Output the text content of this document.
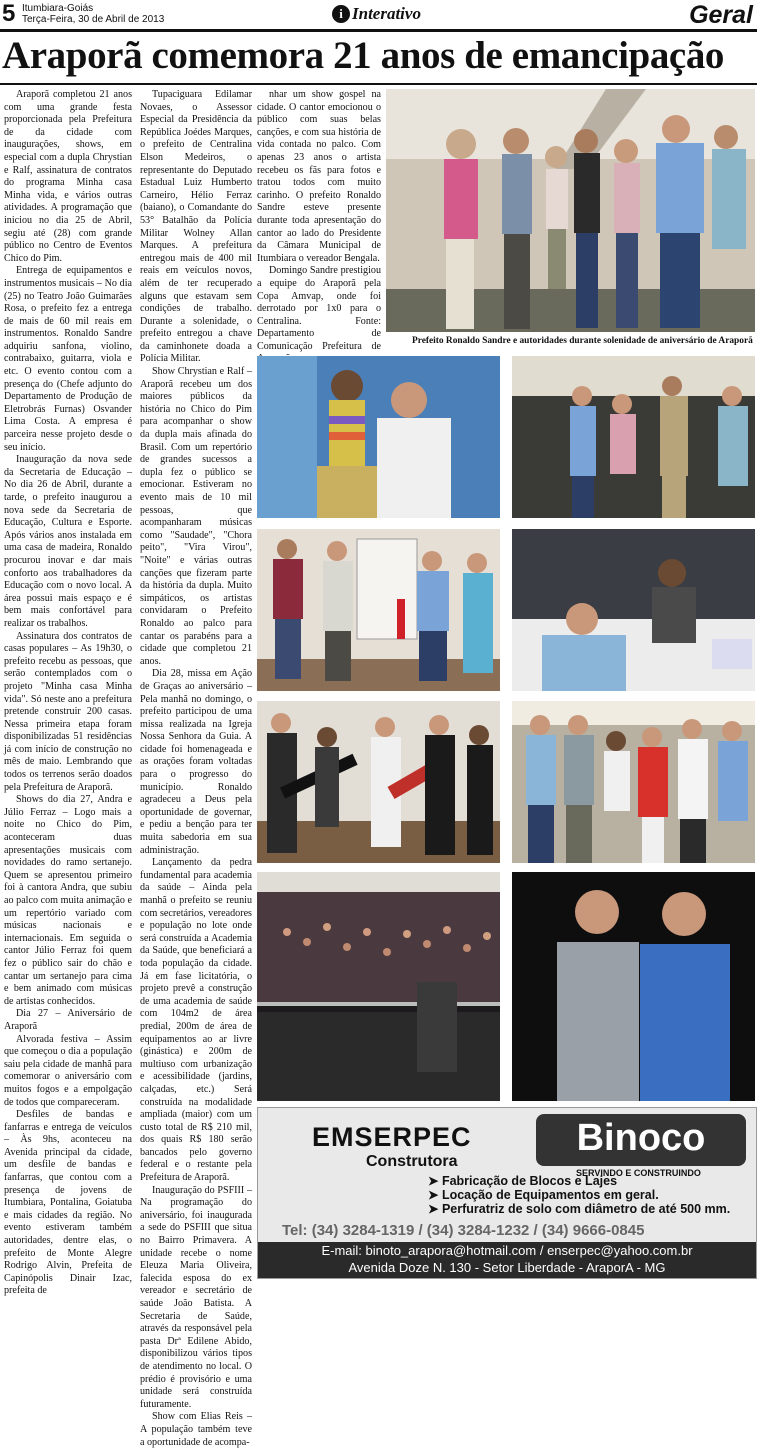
5 Itumbiara-Goiás
Terça-Feira, 30 de Abril de 2013	i Interativo	Geral
Araporã comemora 21 anos de emancipação

Araporã completou 21 anos com uma grande festa proporcionada pela Prefeitura de da cidade com inaugurações, shows, em especial com a dupla Chrystian e Ralf, assinatura de contratos do programa Minha casa Minha vida, e vários outras atividades. A programação que iniciou no dia 25 de Abril, segiu até (28) com grande público no Centro de Eventos Chico do Pim.

Entrega de equipamentos e instrumentos musicais – No dia (25) no Teatro João Guimarães Rosa, o prefeito fez a entrega de mais de 60 mil reais em instrumentos. Ronaldo Sandre adquiriu sanfona, violino, contrabaixo, guitarra, viola e etc. O evento contou com a presença do (Chefe adjunto do Departamento de Produção de Eletrobrás Furnas) Osvander Lima Costa. A empresa é parceira nesse projeto desde o seu início.

Inauguração da nova sede da Secretaria de Educação – No dia 26 de Abril, durante a tarde, o prefeito inaugurou a nova sede da Secretaria de Educação, Cultura e Esporte. Após vários anos instalada em uma casa de madeira, Ronaldo procurou inovar e dar mais conforto aos trabalhadores da Educação com o novo local. A área possui mais espaço e é bem mais confortável para realizar os trabalhos.

Assinatura dos contratos de casas populares – As 19h30, o prefeito recebu as pessoas, que serão contemplados com o projeto "Minha casa Minha vida". Só neste ano a prefeitura pretende construir 200 casas. Nessa primeira etapa foram disponibilizadas 51 residências já com início de construção no mês de maio. Lembrando que todos os terrenos serão doados pela Prefeitura de Araporã.

Shows do dia 27, Andra e Júlio Ferraz – Logo mais a noite no Chico do Pim, aconteceram duas apresentações musicais com novidades do ramo sertanejo. Quem se apresentou primeiro foi à cantora Andra, que subiu ao palco com muita animação e um repertório variado com músicas nacionais e internacionais. Em seguida o cantor Júlio Ferraz foi quem fez o público sair do chão e cantar um sertanejo para cima e bem animado com músicas de artistas conhecidos.

Dia 27 – Aniversário de Araporã

Alvorada festiva – Assim que começou o dia a população saiu pela cidade de manhã para comemorar o aniversário com muitos fogos e a empolgação de todos que compareceram.

Desfiles de bandas e fanfarras e entrega de veículos – Às 9hs, aconteceu na Avenida principal da cidade, um desfile de bandas e fanfarras, que contou com a presença de jovens de Itumbiara, Pontalina, Goiatuba e mais cidades da região. No evento estiveram também autoridades, dentre elas, o prefeito de Monte Alegre Rodrigo Alvin, Prefeita de Capinópolis Dinair Izac, prefeita de

Tupaciguara Edilamar Novaes, o Assessor Especial da Presidência da República Joédes Marques, o prefeito de Centralina Elson Medeiros, o representante do Deputado Estadual Luiz Humberto Carneiro, Hélio Ferraz (baiano), o Comandante do 53° Batalhão da Polícia Militar Wolney Allan Marques. A prefeitura entregou mais de 400 mil reais em veículos novos, além de ter recuperado alguns que estavam sem condições de trabalho. Durante a solenidade, o prefeito entregou a chave da caminhonete doada a Polícia Militar.

Show Chrystian e Ralf – Araporã recebeu um dos maiores públicos da história no Chico do Pim para acompanhar o show da dupla mais afinada do Brasil. Com um repertório de grandes sucessos a dupla fez o público se emocionar. Estiveram no evento mais de 10 mil pessoas, que acompanharam músicas como "Saudade", "Chora peito", "Vira Virou", "Noite" e várias outras canções que fizeram parte da história da dupla. Muito simpáticos, os artistas convidaram o Prefeito Ronaldo ao palco para cantar os parabéns para a cidade que completou 21 anos.

Dia 28, missa em Ação de Graças ao aniversário – Pela manhã no domingo, o prefeito participou de uma missa realizada na Igreja Nossa Senhora da Guia. A cidade foi homenageada e as orações foram voltadas para o progresso do município. Ronaldo agradeceu a Deus pela oportunidade de governar, e pediu a benção para ter muita sabedoria em sua administração.

Lançamento da pedra fundamental para academia da saúde – Ainda pela manhã o prefeito se reuniu com secretários, vereadores e população no lote onde será construída a Academia da Saúde, que beneficiará a toda população da cidade. Já em fase licitatória, o projeto prevê a construção de uma academia de saúde com 104m2 de área predial, 200m de área de equipamentos ao ar livre (ginástica) e 200m de multiuso com urbanização e acessibilidade (jardins, calçadas, etc.) Será construída na modalidade ampliada (maior) com um custo total de R$ 210 mil, dos quais R$ 180 serão bancados pelo governo federal e o restante pela Prefeitura de Araporã.

Inauguração do PSFIII – Na programação do aniversário, foi inaugurada a sede do PSFIII que situa no Bairro Primavera. A unidade recebe o nome Eleuza Maria Oliveira, falecida esposa do ex vereador e secretário de saúde João Batista. A Secretaria de Saúde, através da responsável pela pasta Drª Edilene Abido, disponibilizou vários tipos de atendimento no local. O prédio é provisório e uma unidade será construída futuramente.

Show com Elias Reis – A população também teve a oportunidade de acompa-

nhar um show gospel na cidade. O cantor emocionou o público com suas belas canções, e com sua história de vida contada no palco. Com apenas 23 anos o artista recebeu os fãs para fotos e tratou todos com muito carinho. O prefeito Ronaldo Sandre esteve presente durante toda apresentação do cantor ao lado do Presidente da Câmara Municipal de Itumbiara o vereador Bengala.

Domingo Sandre prestigiou a equipe do Araporã pela Copa Amvap, onde foi derrotado por 1x0 para o Centralina. Fonte: Departamento de Comunicação Prefeitura de	Prefeito Ronaldo Sandre e autoridades durante solenidade de aniversário de Araporã
EMSERPEC
Construtora
Binoco
SERVINDO E CONSTRUINDO
➤ Fabricação de Blocos e Lajes
➤ Locação de Equipamentos em geral.
➤ Perfuratriz de solo com diâmetro de até 500 mm.
Tel: (34) 3284-1319 / (34) 3284-1232 / (34) 9666-0845
E-mail: binoto_arapora@hotmail.com / enserpec@yahoo.com.br
Avenida Doze N. 130 - Setor Liberdade - AraporA - MG
